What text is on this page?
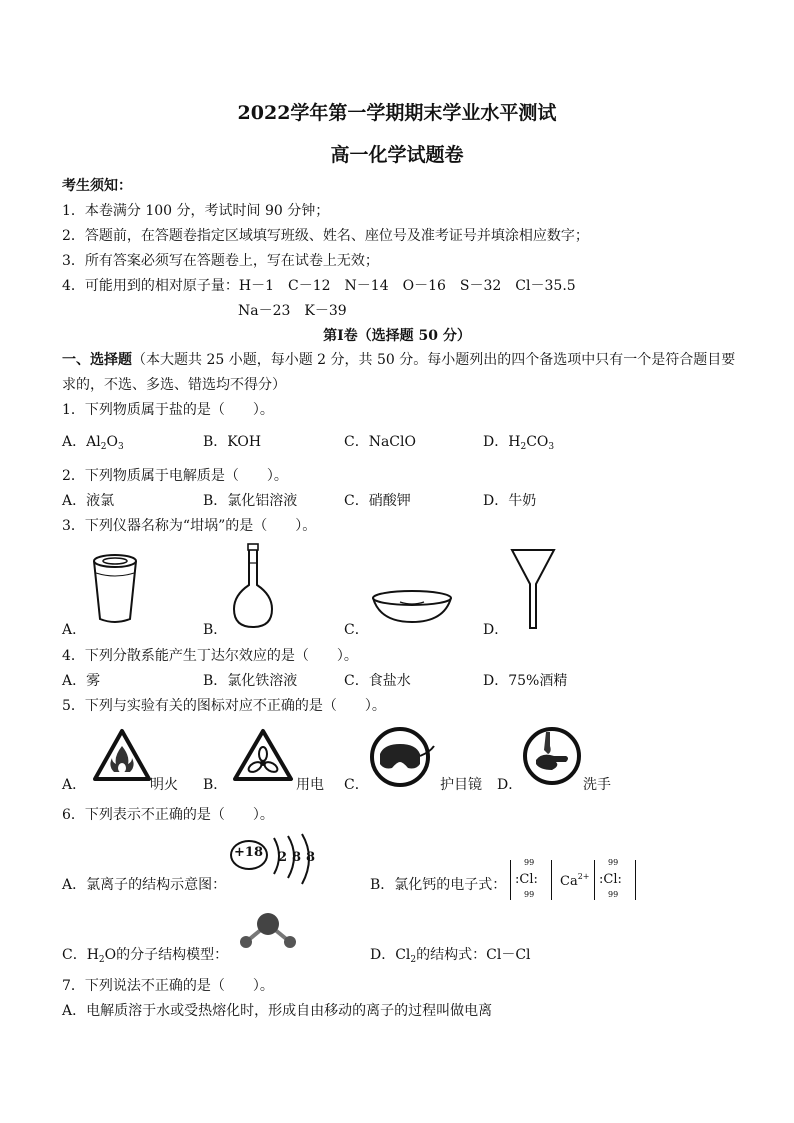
2022学年第一学期期末学业水平测试
高一化学试题卷
考生须知：
1．本卷满分 100 分，考试时间 90 分钟；
2．答题前，在答题卷指定区域填写班级、姓名、座位号及准考证号并填涂相应数字；
3．所有答案必须写在答题卷上，写在试卷上无效；
4．可能用到的相对原子量：H－1　C－12　N－14　O－16　S－32　Cl－35.5
Na－23　K－39
第Ⅰ卷（选择题 50 分）
一、选择题（本大题共 25 小题，每小题 2 分，共 50 分。每小题列出的四个备选项中只有一个是符合题目要
求的，不选、多选、错选均不得分）
1．下列物质属于盐的是（　　）。
A．$Al_2O_3$	B．KOH	C．NaClO	D．$H_2CO_3$
2．下列物质属于电解质是（　　）。
A．液氯	B．氯化铝溶液	C．硝酸钾	D．牛奶
3．下列仪器名称为“坩埚”的是（　　）。
A．	B．	C．	D．
4．下列分散系能产生丁达尔效应的是（　　）。
A．雾	B．氯化铁溶液	C．食盐水	D．75%酒精
5．下列与实验有关的图标对应不正确的是（　　）。
A．	明火 B．	用电 C．	护目镜 D．	洗手
6．下列表示不正确的是（　　）。
A．氯离子的结构示意图：
+18 2 8 8
B．氯化钙的电子式：
99
:Cl:
99
$Ca^{2+}$
99
:Cl:
99
C．$H_2O$的分子结构模型：	D．$Cl_2$的结构式：Cl－Cl
7．下列说法不正确的是（　　）。
A．电解质溶于水或受热熔化时，形成自由移动的离子的过程叫做电离
